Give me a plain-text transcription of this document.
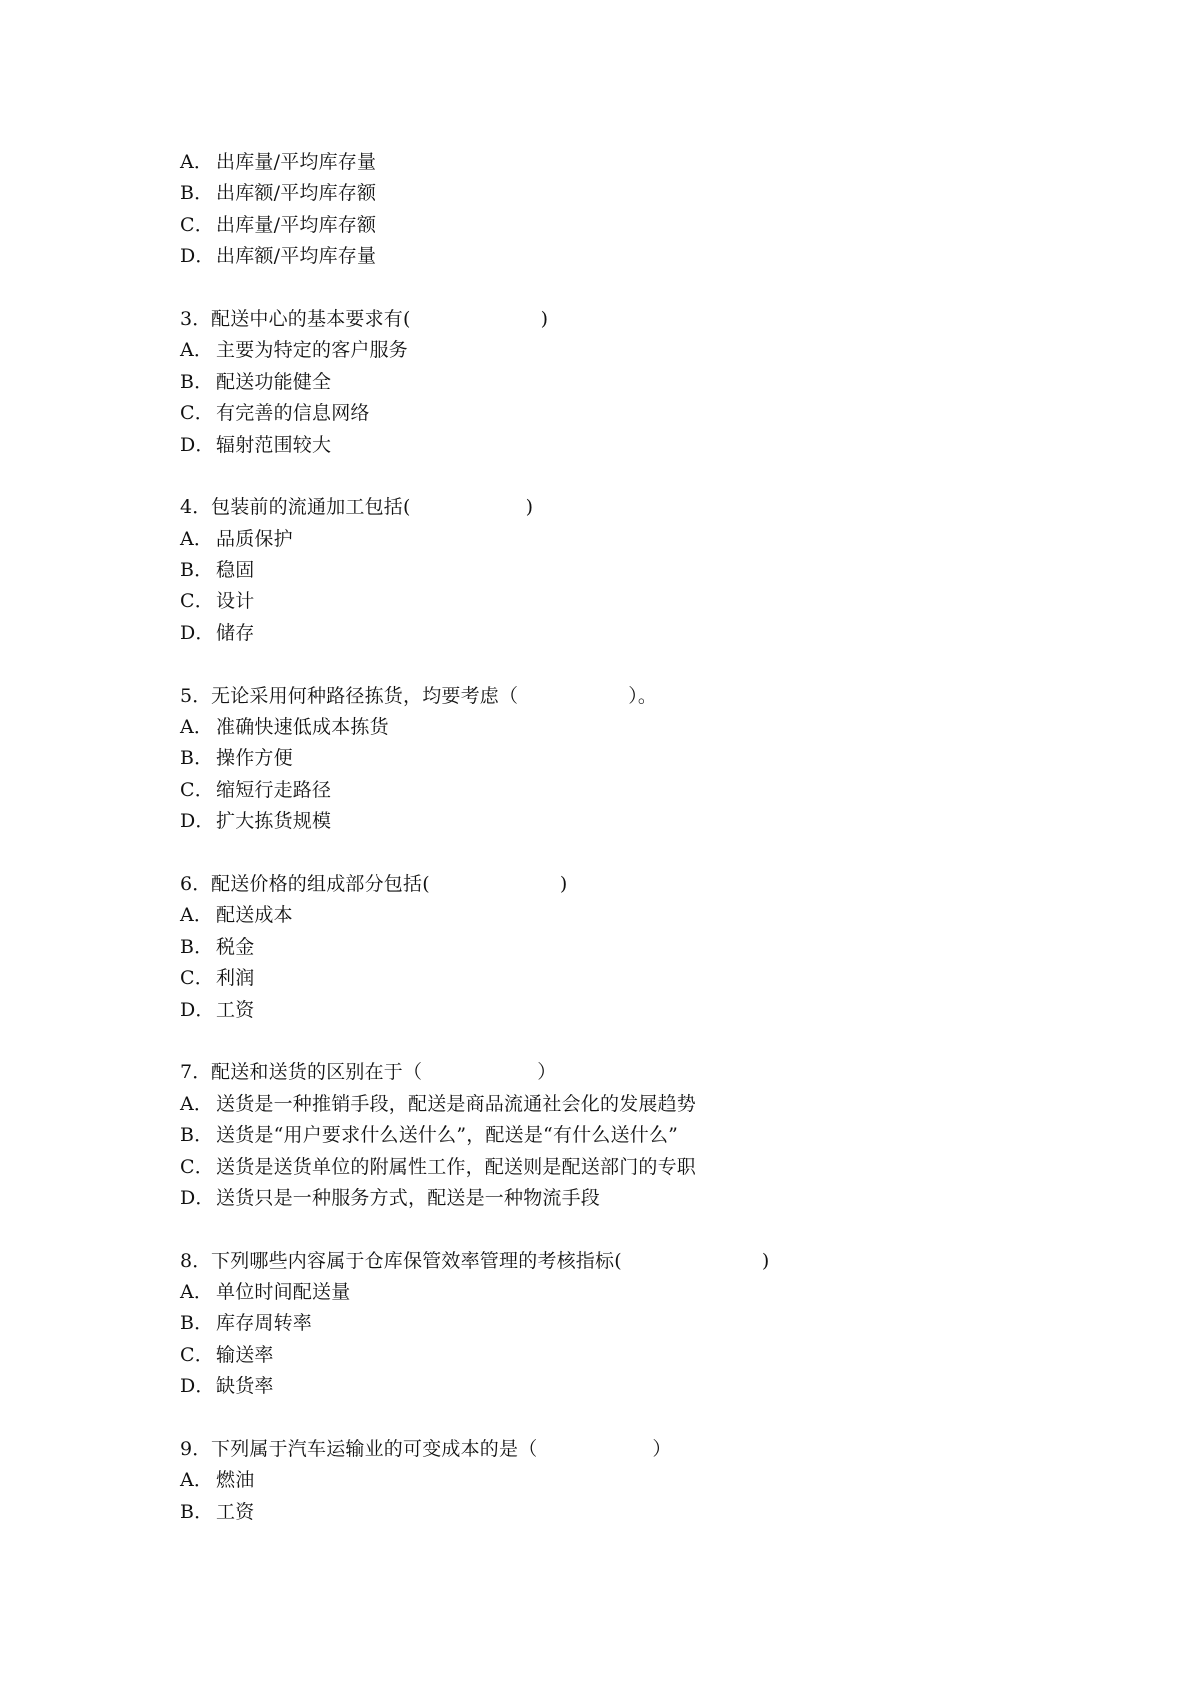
A． 出库量/平均库存量
B． 出库额/平均库存额
C． 出库量/平均库存额
D．出库额/平均库存量
3．配送中心的基本要求有(	)
A． 主要为特定的客户服务
B． 配送功能健全
C． 有完善的信息网络
D．辐射范围较大
4．包装前的流通加工包括(	)
A． 品质保护
B． 稳固
C． 设计
D．储存
5．无论采用何种路径拣货，均要考虑（	）。
A． 准确快速低成本拣货
B． 操作方便
C． 缩短行走路径
D．扩大拣货规模
6．配送价格的组成部分包括(	)
A． 配送成本
B． 税金
C． 利润
D．工资
7．配送和送货的区别在于（	）
A． 送货是一种推销手段，配送是商品流通社会化的发展趋势
B． 送货是“用户要求什么送什么”，配送是“有什么送什么”
C． 送货是送货单位的附属性工作，配送则是配送部门的专职
D．送货只是一种服务方式，配送是一种物流手段
8．下列哪些内容属于仓库保管效率管理的考核指标(	)
A． 单位时间配送量
B． 库存周转率
C． 输送率
D．缺货率
9．下列属于汽车运输业的可变成本的是（	）
A． 燃油
B． 工资
